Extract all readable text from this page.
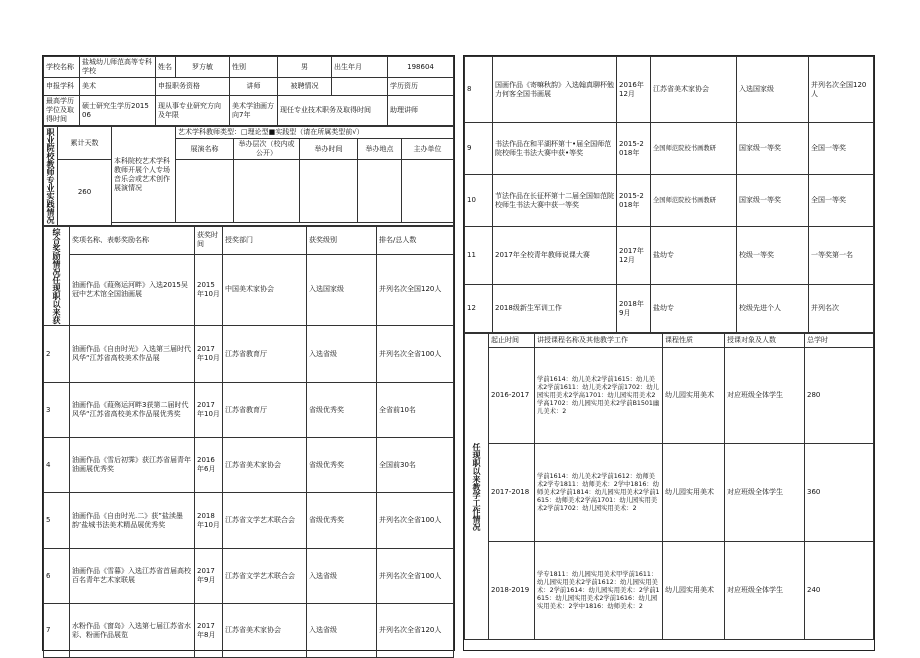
学校名称	盐城幼儿师范高等专科学校	姓名	罗方敏	性别	男	出生年月	198604
申报学科	美术	申报职务资格		讲师	被聘情况		学历资历
最高学历学位及取得时间	硕士研究生学历201506	现从事专业研究方向及年限		美术学油画方向7年	现任专业技术职务及取得时间		助理讲师
职业院校教师专业实践情况	累计天数	本科院校艺术学科教师开展个人专场音乐会或艺术创作展演情况	艺术学科教师类型：□理论型■实践型（请在所属类型前√）				
			展演名称	举办层次（校内或公开）	举办时间	举办地点	主办单位
	260						

综合奖励情况任现职以来获	奖项名称、表彰奖励名称	获奖时间	授奖部门	获奖级别	排名/总人数
	油画作品《葭殇运河畔》入选2015吴冠中艺术馆全国油画展	2015年10月	中国美术家协会	入选国家级	并列名次全国120人
2	油画作品《自由时光》入选第三届时代风华“江苏省高校美术作品展	2017年10月	江苏省教育厅	入选省级	并列名次全省100人
3	油画作品《葭殇运河畔3获第二届时代风华“江苏省高校美术作品展优秀奖	2017年10月	江苏省教育厅	省级优秀奖	全省前10名
4	油画作品《雪后初霁》获江苏省届青年油画展优秀奖	2016年6月	江苏省美术家协会	省级优秀奖	全国前30名
5	油画作品《自由时光.二》获”盐渎墨韵’盐城书法美术精品展优秀奖	2018年10月	江苏省文学艺术联合会	省级优秀奖	并列名次全省100人
6	油画作品《雪暮》入选江苏省首届高校百名青年艺术家联展	2017年9月	江苏省文学艺术联合会	入选省级	并列名次全省100人
7	水粉作品《窗岛》入选第七届江苏省水彩、粉画作品展览	2017年8月	江苏省美术家协会	入选省级	并列名次全省120人
8	国画作品《寄嘛秋韵》入选翰真聊杯勉力何客全国书画展	2016年12月	江苏省美术家协会	入选国家级	并列名次全国120人
9	书法作品在和平湖杯第十•届全国师范院校师生书法大赛中获•等奖	2015-2018年	全国师范院校书画教研	国家级一等奖	全国一等奖
10	节法作品在长征杯第十二届全国如范院校师生书法大赛中获一等奖	2015-2018年	全国师范院校书画教研	国家级一等奖	全国一等奖
11	2017年全校青年教师说课大赛	2017年12月	盐幼专	校级一等奖	一等奖第一名
12	2018级新生军训工作	2018年9月	盐幼专	校级先进个人	并列名次
任现职以来教学工作情况	起止时间	讲授课程名称及其他教学工作	课程性质	授课对象及人数	总学时
	2016-2017	学前1614：幼儿美术2学前1615：幼儿美术2学前1611：幼儿美术2学前1702：幼儿园实用美术2学高1701：幼儿园实用美术2学高1702：幼儿园实用美术2学前B1501幽儿美术：2	幼儿园实用美术	对应班级全体学生	280
	2017-2018	学前1614：幼儿美术2学前1612：幼师美术2学专1811：幼师美术：2学中1816：幼师美术2学前1814：幼儿园实用美术2学前1615：幼师美术2学高1701：幼儿园实用美术2学前1702：幼儿园实用美术：2	幼儿园实用美术	对应班级全体学生	360
	2018-2019	学专1811：幼儿园实用美术甲学前1611：幼儿园实用美术2学前1612：幼儿园实用美术：2学前1614：幼儿园实用美术：2学前1615：幼儿园实用美术2学前1616：幼儿园实用美术：2学中1816：幼师美术：2	幼儿园实用美术	对应班级全体学生	240
